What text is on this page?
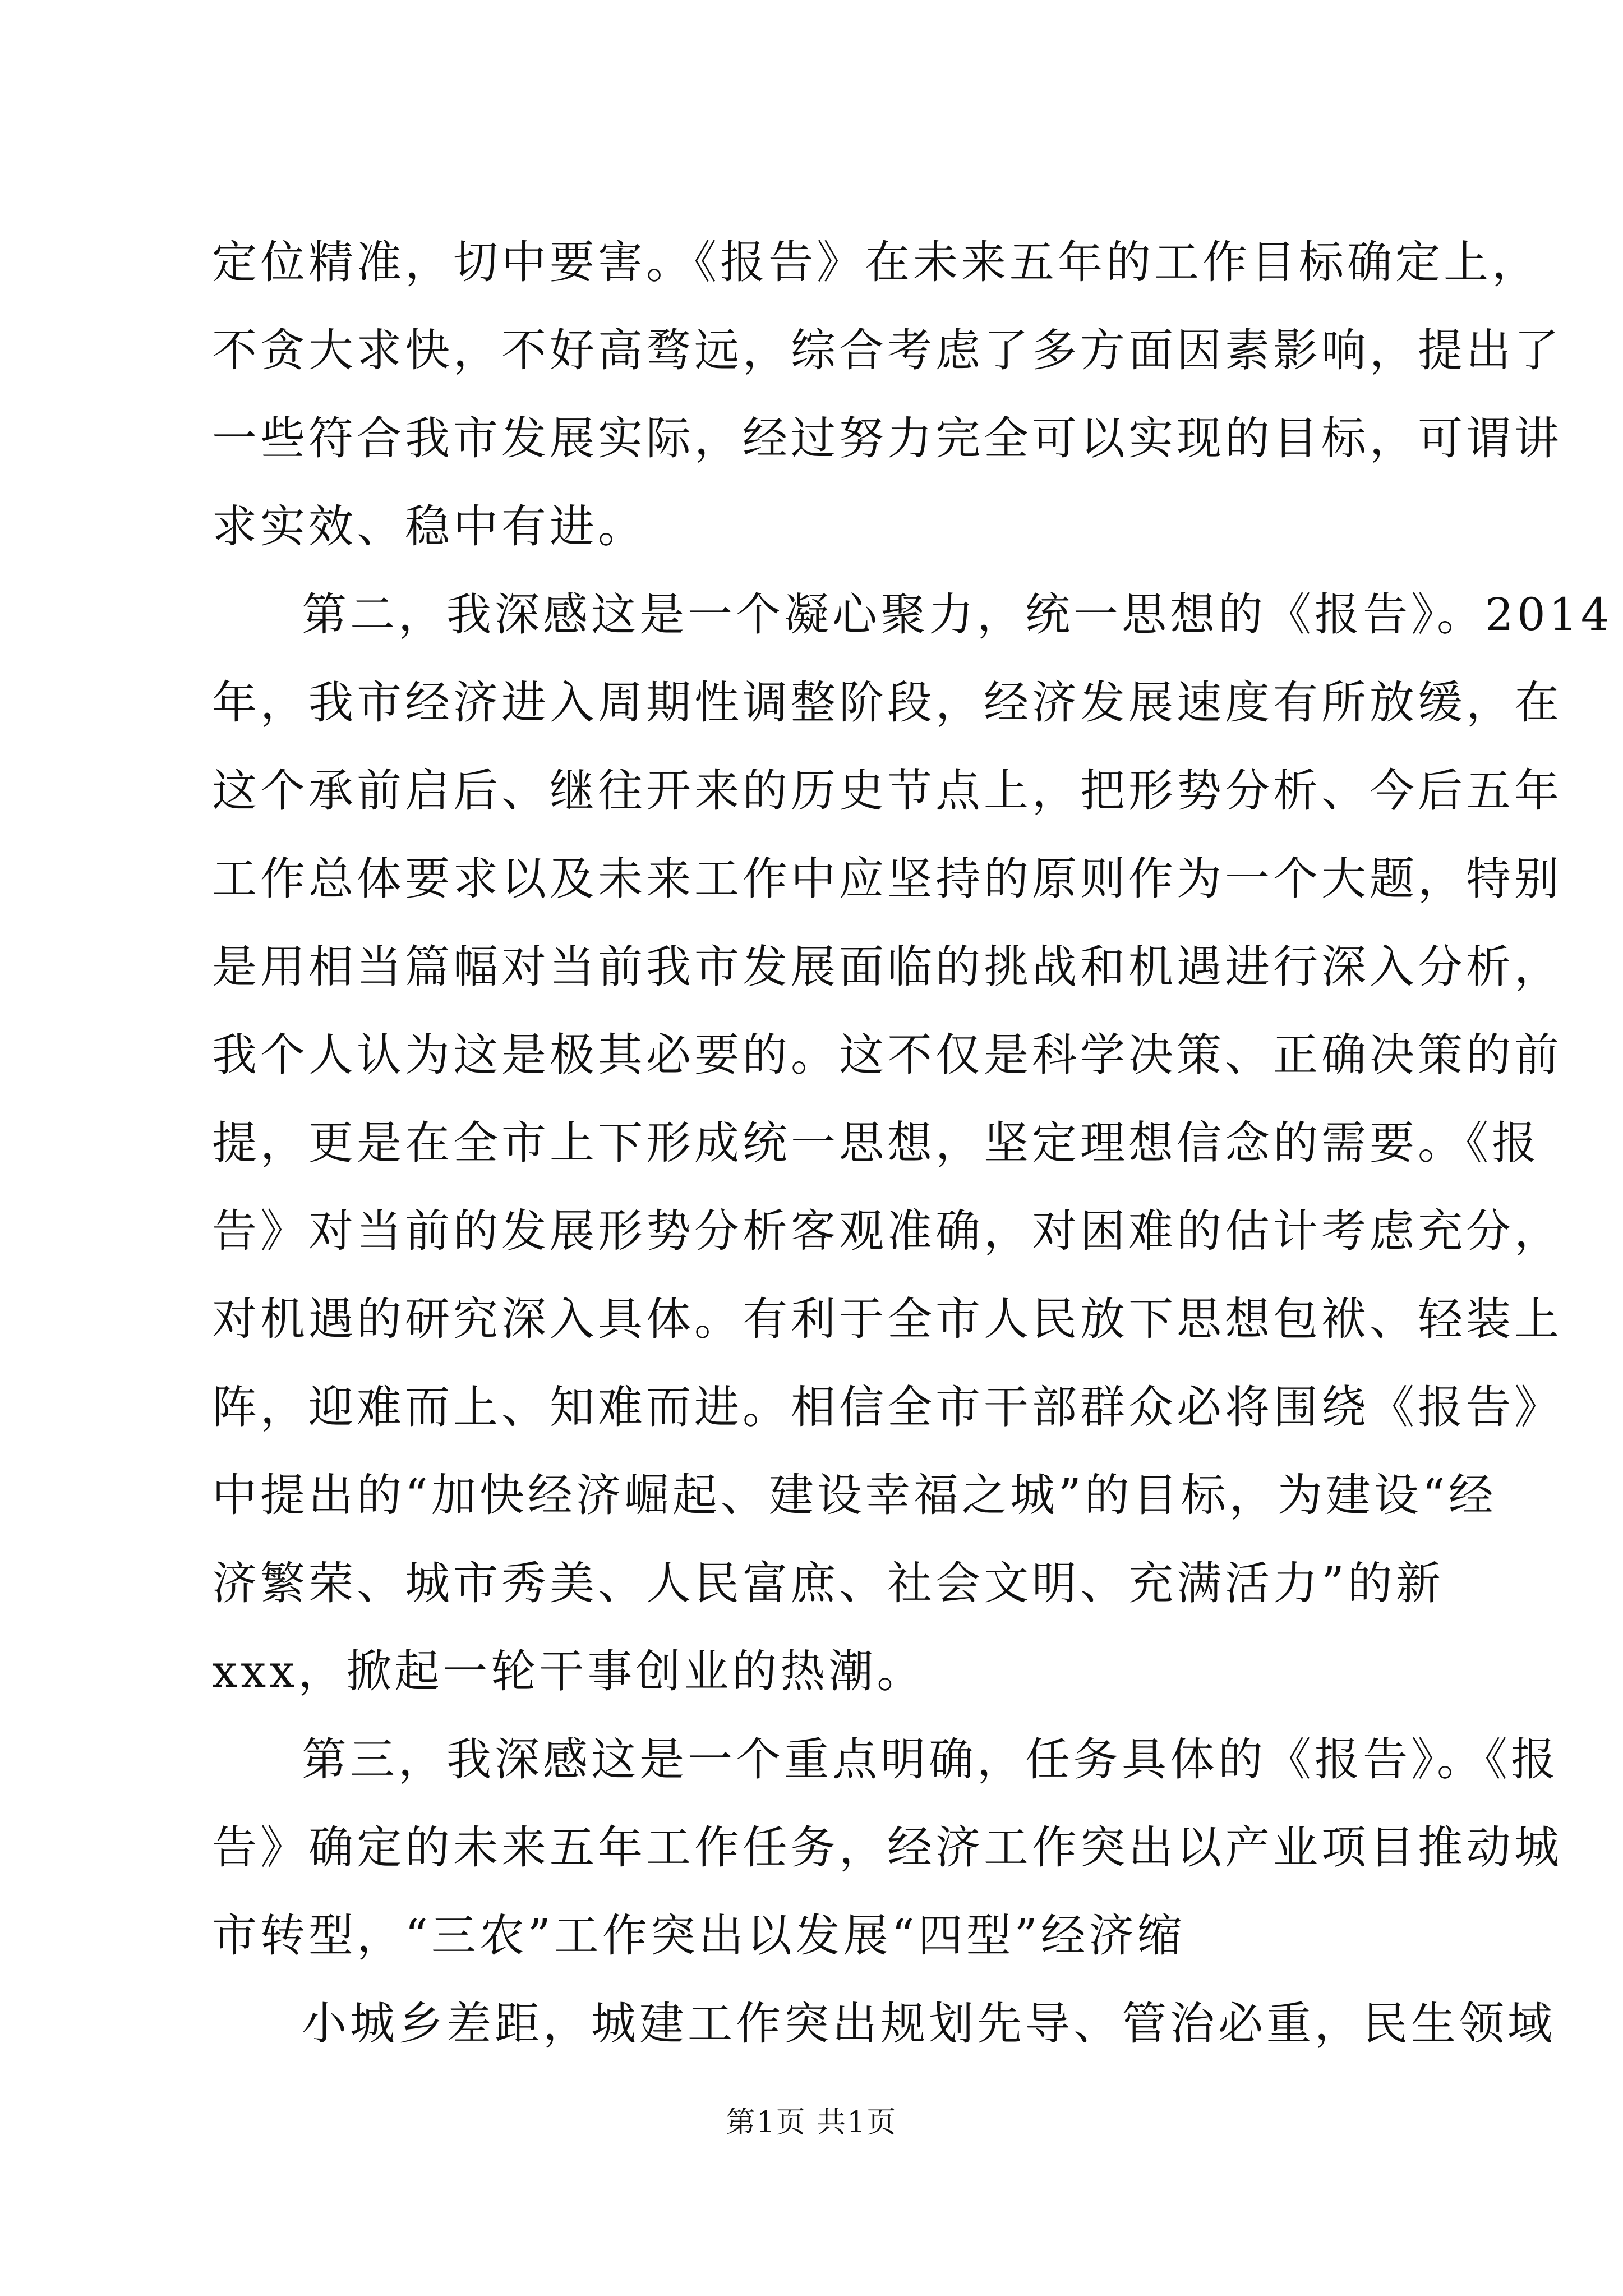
定位精准，切中要害。《报告》在未来五年的工作目标确定上，
不贪大求快，不好高骛远，综合考虑了多方面因素影响，提出了
一些符合我市发展实际，经过努力完全可以实现的目标，可谓讲
求实效、稳中有进。
第二，我深感这是一个凝心聚力，统一思想的《报告》。2014
年，我市经济进入周期性调整阶段，经济发展速度有所放缓，在
这个承前启后、继往开来的历史节点上，把形势分析、今后五年
工作总体要求以及未来工作中应坚持的原则作为一个大题，特别
是用相当篇幅对当前我市发展面临的挑战和机遇进行深入分析，
我个人认为这是极其必要的。这不仅是科学决策、正确决策的前
提，更是在全市上下形成统一思想，坚定理想信念的需要。《报
告》对当前的发展形势分析客观准确，对困难的估计考虑充分，
对机遇的研究深入具体。有利于全市人民放下思想包袱、轻装上
阵，迎难而上、知难而进。相信全市干部群众必将围绕《报告》
中提出的“加快经济崛起、建设幸福之城”的目标，为建设“经
济繁荣、城市秀美、人民富庶、社会文明、充满活力”的新
xxx，掀起一轮干事创业的热潮。
第三，我深感这是一个重点明确，任务具体的《报告》。《报
告》确定的未来五年工作任务，经济工作突出以产业项目推动城
市转型，“三农”工作突出以发展“四型”经济缩
小城乡差距，城建工作突出规划先导、管治必重，民生领域
第1页 共1页
